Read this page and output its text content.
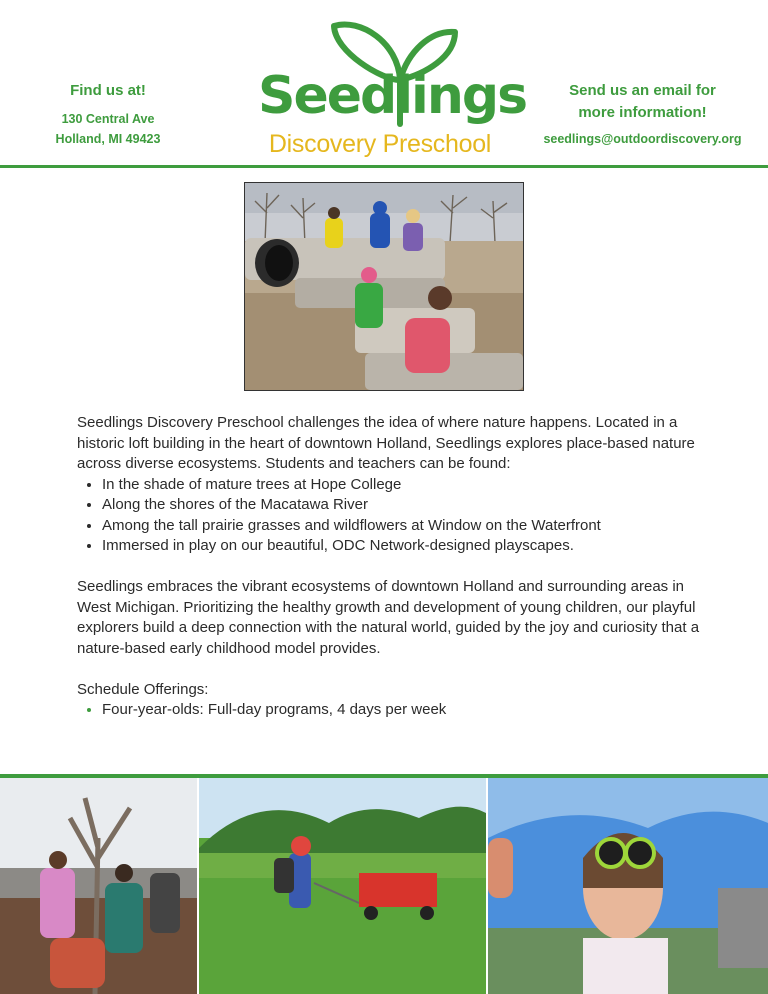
Find us at!
130 Central Ave
Holland, MI 49423
Seedlings
Discovery Preschool
Send us an email for
more information!
seedlings@outdoordiscovery.org

Seedlings Discovery Preschool challenges the idea of where nature happens. Located in a historic loft building in the heart of downtown Holland, Seedlings explores place-based nature across diverse ecosystems. Students and teachers can be found:

• In the shade of mature trees at Hope College
• Along the shores of the Macatawa River
• Among the tall prairie grasses and wildflowers at Window on the Waterfront
• Immersed in play on our beautiful, ODC Network-designed playscapes.

Seedlings embraces the vibrant ecosystems of downtown Holland and surrounding areas in West Michigan. Prioritizing the healthy growth and development of young children, our playful explorers build a deep connection with the natural world, guided by the joy and curiosity that a nature-based early childhood model provides.

Schedule Offerings:

• Four-year-olds: Full-day programs, 4 days per week
